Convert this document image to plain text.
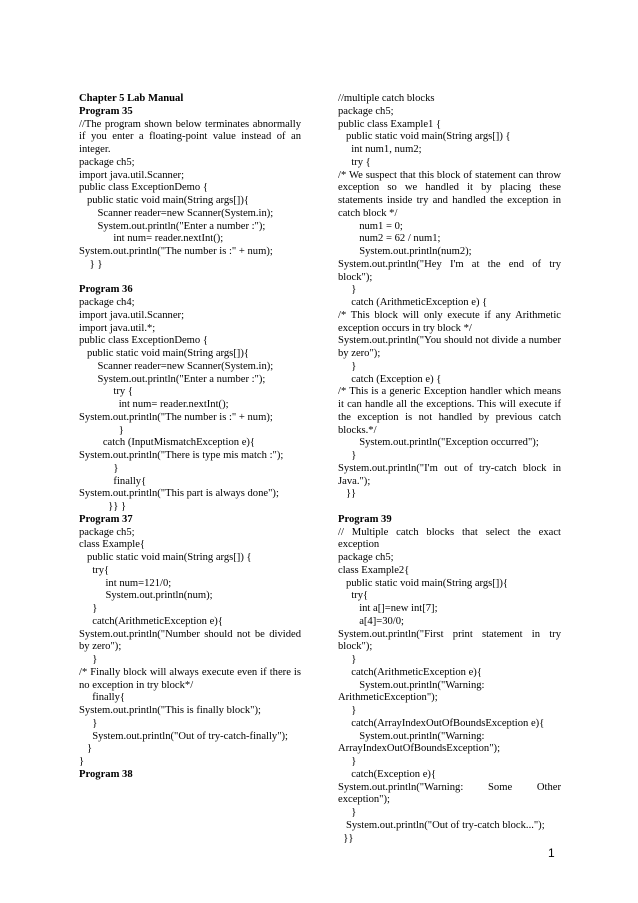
Chapter 5 Lab Manual
Program 35
//The program shown below terminates abnormally if you enter a floating-point value instead of an integer.
package ch5;
import java.util.Scanner;
public class ExceptionDemo {
public static void main(String args[]){
Scanner reader=new Scanner(System.in);
System.out.println("Enter a number :");
int num= reader.nextInt();
System.out.println("The number is :" + num);
} }
Program 36
package ch4;
import java.util.Scanner;
import java.util.*;
public class ExceptionDemo {
public static void main(String args[]){
Scanner reader=new Scanner(System.in);
System.out.println("Enter a number :");
try {
int num= reader.nextInt();
System.out.println("The number is :" + num);
}
catch (InputMismatchException e){
System.out.println("There is type mis match :");
}
finally{
System.out.println("This part is always done");
}} }
Program 37
package ch5;
class Example{
public static void main(String args[]) {
try{
int num=121/0;
System.out.println(num);
}
catch(ArithmeticException e){
System.out.println("Number should not be divided by zero");
}
/* Finally block will always execute even if there is no exception in try block*/
finally{
System.out.println("This is finally block");
}
System.out.println("Out of try-catch-finally");
}
}
Program 38
//multiple catch blocks
package ch5;
public class Example1 {
public static void main(String args[]) {
int num1, num2;
try {
/* We suspect that this block of statement can throw exception so we handled it by placing these statements inside try and handled the exception in catch block */
num1 = 0;
num2 = 62 / num1;
System.out.println(num2);
System.out.println("Hey I'm at the end of try block");
}
catch (ArithmeticException e) {
/* This block will only execute if any Arithmetic exception occurs in try block */
System.out.println("You should not divide a number by zero");
}
catch (Exception e) {
/* This is a generic Exception handler which means it can handle all the exceptions. This will execute if the exception is not handled by previous catch blocks.*/
System.out.println("Exception occurred");
}
System.out.println("I'm out of try-catch block in Java.");
}}
Program 39
// Multiple catch blocks that select the exact exception
package ch5;
class Example2{
public static void main(String args[]){
try{
int a[]=new int[7];
a[4]=30/0;
System.out.println("First print statement in try block");
}
catch(ArithmeticException e){
System.out.println("Warning:
ArithmeticException");
}
catch(ArrayIndexOutOfBoundsException e){
System.out.println("Warning:
ArrayIndexOutOfBoundsException");
}
catch(Exception e){
System.out.println("Warning: Some Other exception");
}
System.out.println("Out of try-catch block...");
}}
1
